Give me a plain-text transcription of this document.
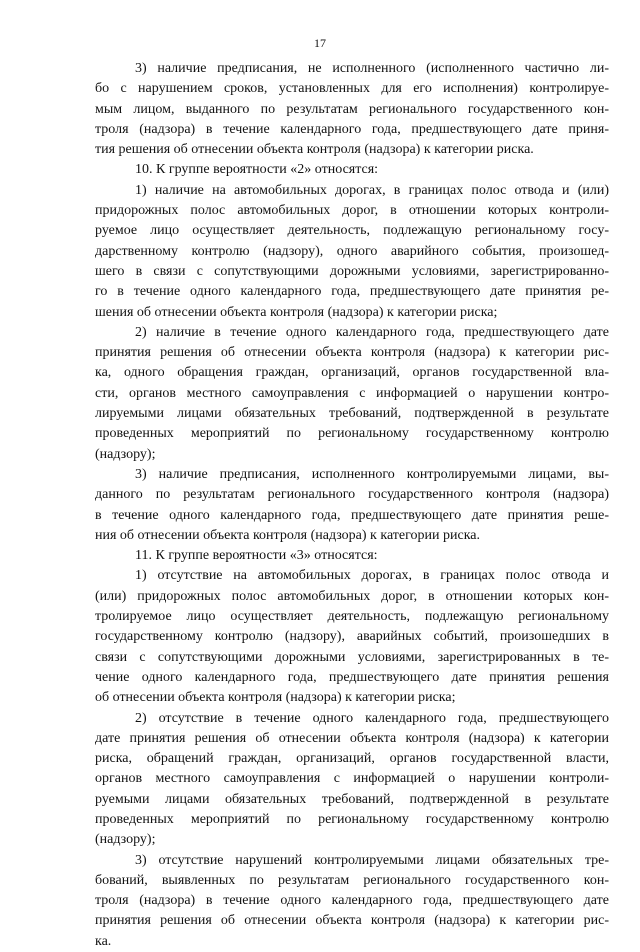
17
3) наличие предписания, не исполненного (исполненного частично ли-
бо с нарушением сроков, установленных для его исполнения) контролируе-
мым лицом, выданного по результатам регионального государственного кон-
троля (надзора) в течение календарного года, предшествующего дате приня-
тия решения об отнесении объекта контроля (надзора) к категории риска.
10. К группе вероятности «2» относятся:
1) наличие на автомобильных дорогах, в границах полос отвода и (или)
придорожных полос автомобильных дорог, в отношении которых контроли-
руемое лицо осуществляет деятельность, подлежащую региональному госу-
дарственному контролю (надзору), одного аварийного события, произошед-
шего в связи с сопутствующими дорожными условиями, зарегистрированно-
го в течение одного календарного года, предшествующего дате принятия ре-
шения об отнесении объекта контроля (надзора) к категории риска;
2) наличие в течение одного календарного года, предшествующего дате
принятия решения об отнесении объекта контроля (надзора) к категории рис-
ка, одного обращения граждан, организаций, органов государственной вла-
сти, органов местного самоуправления с информацией о нарушении контро-
лируемыми лицами обязательных требований, подтвержденной в результате
проведенных мероприятий по региональному государственному контролю
(надзору);
3) наличие предписания, исполненного контролируемыми лицами, вы-
данного по результатам регионального государственного контроля (надзора)
в течение одного календарного года, предшествующего дате принятия реше-
ния об отнесении объекта контроля (надзора) к категории риска.
11. К группе вероятности «3» относятся:
1) отсутствие на автомобильных дорогах, в границах полос отвода и
(или) придорожных полос автомобильных дорог, в отношении которых кон-
тролируемое лицо осуществляет деятельность, подлежащую региональному
государственному контролю (надзору), аварийных событий, произошедших в
связи с сопутствующими дорожными условиями, зарегистрированных в те-
чение одного календарного года, предшествующего дате принятия решения
об отнесении объекта контроля (надзора) к категории риска;
2) отсутствие в течение одного календарного года, предшествующего
дате принятия решения об отнесении объекта контроля (надзора) к категории
риска, обращений граждан, организаций, органов государственной власти,
органов местного самоуправления с информацией о нарушении контроли-
руемыми лицами обязательных требований, подтвержденной в результате
проведенных мероприятий по региональному государственному контролю
(надзору);
3) отсутствие нарушений контролируемыми лицами обязательных тре-
бований, выявленных по результатам регионального государственного кон-
троля (надзора) в течение одного календарного года, предшествующего дате
принятия решения об отнесении объекта контроля (надзора) к категории рис-
ка.
